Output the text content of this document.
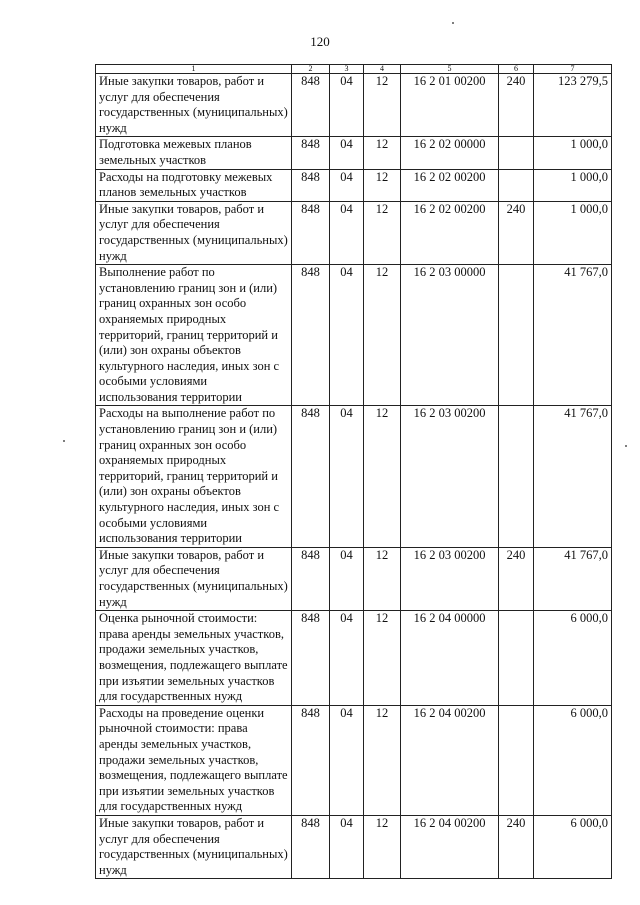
120
1	2	3	4	5	6	7
Иные закупки товаров, работ и услуг для обеспечения государственных (муниципальных) нужд	848	04	12	16 2 01 00200	240	123 279,5
Подготовка межевых планов земельных участков	848	04	12	16 2 02 00000		1 000,0
Расходы на подготовку межевых планов земельных участков	848	04	12	16 2 02 00200		1 000,0
Иные закупки товаров, работ и услуг для обеспечения государственных (муниципальных) нужд	848	04	12	16 2 02 00200	240	1 000,0
Выполнение работ по установлению границ зон и (или) границ охранных зон особо охраняемых природных территорий, границ территорий и (или) зон охраны объектов культурного наследия, иных зон с особыми условиями использования территории	848	04	12	16 2 03 00000		41 767,0
Расходы на выполнение работ по установлению границ зон и (или) границ охранных зон особо охраняемых природных территорий, границ территорий и (или) зон охраны объектов культурного наследия, иных зон с особыми условиями использования территории	848	04	12	16 2 03 00200		41 767,0
Иные закупки товаров, работ и услуг для обеспечения государственных (муниципальных) нужд	848	04	12	16 2 03 00200	240	41 767,0
Оценка рыночной стоимости: права аренды земельных участков, продажи земельных участков, возмещения, подлежащего выплате при изъятии земельных участков для государственных нужд	848	04	12	16 2 04 00000		6 000,0
Расходы на проведение оценки рыночной стоимости: права аренды земельных участков, продажи земельных участков, возмещения, подлежащего выплате при изъятии земельных участков для государственных нужд	848	04	12	16 2 04 00200		6 000,0
Иные закупки товаров, работ и услуг для обеспечения государственных (муниципальных) нужд	848	04	12	16 2 04 00200	240	6 000,0
